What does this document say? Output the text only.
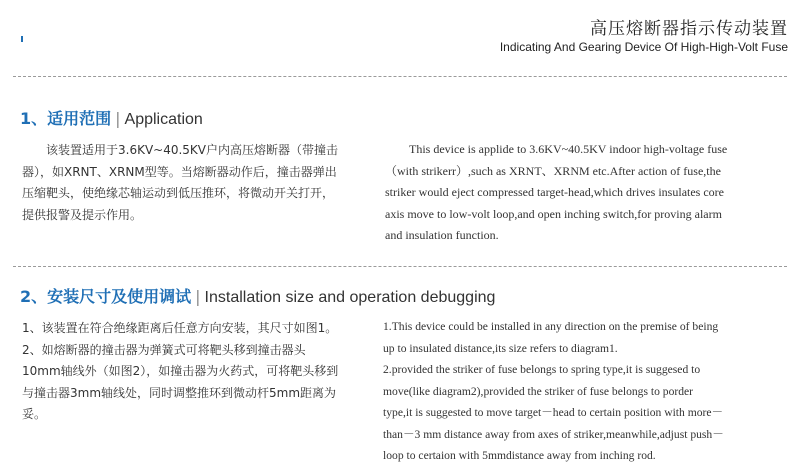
高压熔断器指示传动装置
Indicating And Gearing Device Of High-High-Volt Fuse
1、适用范围 | Application

该装置适用于3.6KV~40.5KV户内高压熔断器（带撞击

器），如XRNT、XRNM型等。当熔断器动作后，撞击器弹出

压缩靶头，使绝缘芯轴运动到低压推环，将微动开关打开，

提供报警及提示作用。

This device is applide to 3.6KV~40.5KV indoor high-voltage fuse

（with strikerr）,such as XRNT、XRNM etc.After action of fuse,the

striker would eject compressed target-head,which drives insulates core

axis move to low-volt loop,and open inching switch,for proving alarm

and insulation function.

2、安装尺寸及使用调试 | Installation size and operation debugging

1、该装置在符合绝缘距离后任意方向安装，其尺寸如图1。

2、如熔断器的撞击器为弹簧式可将靶头移到撞击器头

10mm轴线外（如图2），如撞击器为火药式，可将靶头移到

与撞击器3mm轴线处，同时调整推环到微动杆5mm距离为

妥。

1.This device could be installed in any direction on the premise of being

up to insulated distance,its size refers to diagram1.

2.provided the striker of fuse belongs to spring type,it is suggesed to

move(like diagram2),provided the striker of fuse belongs to porder

type,it is suggested to move target－head to certain position with more－

than－3 mm distance away from axes of striker,meanwhile,adjust push－

loop to certaion with 5mmdistance away from inching rod.
